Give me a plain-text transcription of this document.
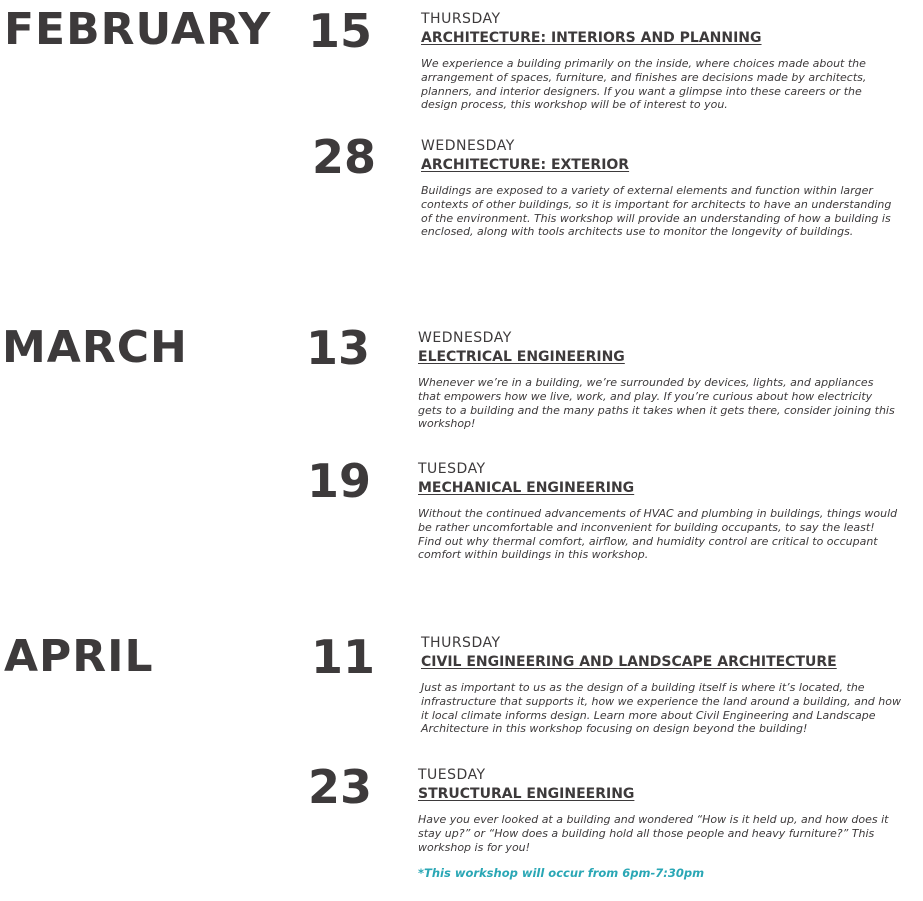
FEBRUARY 15	THURSDAY
ARCHITECTURE: INTERIORS AND PLANNING
We experience a building primarily on the inside, where choices made about the arrangement of spaces, furniture, and finishes are decisions made by architects, planners, and interior designers. If you want a glimpse into these careers or the design process, this workshop will be of interest to you.
28	WEDNESDAY
ARCHITECTURE: EXTERIOR
Buildings are exposed to a variety of external elements and function within larger contexts of other buildings, so it is important for architects to have an understanding of the environment. This workshop will provide an understanding of how a building is enclosed, along with tools architects use to monitor the longevity of buildings.
MARCH	13	WEDNESDAY
ELECTRICAL ENGINEERING
Whenever we’re in a building, we’re surrounded by devices, lights, and appliances that empowers how we live, work, and play. If you’re curious about how electricity gets to a building and the many paths it takes when it gets there, consider joining this workshop!
19	TUESDAY
MECHANICAL ENGINEERING
Without the continued advancements of HVAC and plumbing in buildings, things would be rather uncomfortable and inconvenient for building occupants, to say the least! Find out why thermal comfort, airflow, and humidity control are critical to occupant comfort within buildings in this workshop.
APRIL	11	THURSDAY
CIVIL ENGINEERING AND LANDSCAPE ARCHITECTURE
Just as important to us as the design of a building itself is where it’s located, the infrastructure that supports it, how we experience the land around a building, and how it local climate informs design. Learn more about Civil Engineering and Landscape Architecture in this workshop focusing on design beyond the building!
23	TUESDAY
STRUCTURAL ENGINEERING
Have you ever looked at a building and wondered “How is it held up, and how does it stay up?” or “How does a building hold all those people and heavy furniture?” This workshop is for you!
*This workshop will occur from 6pm-7:30pm
